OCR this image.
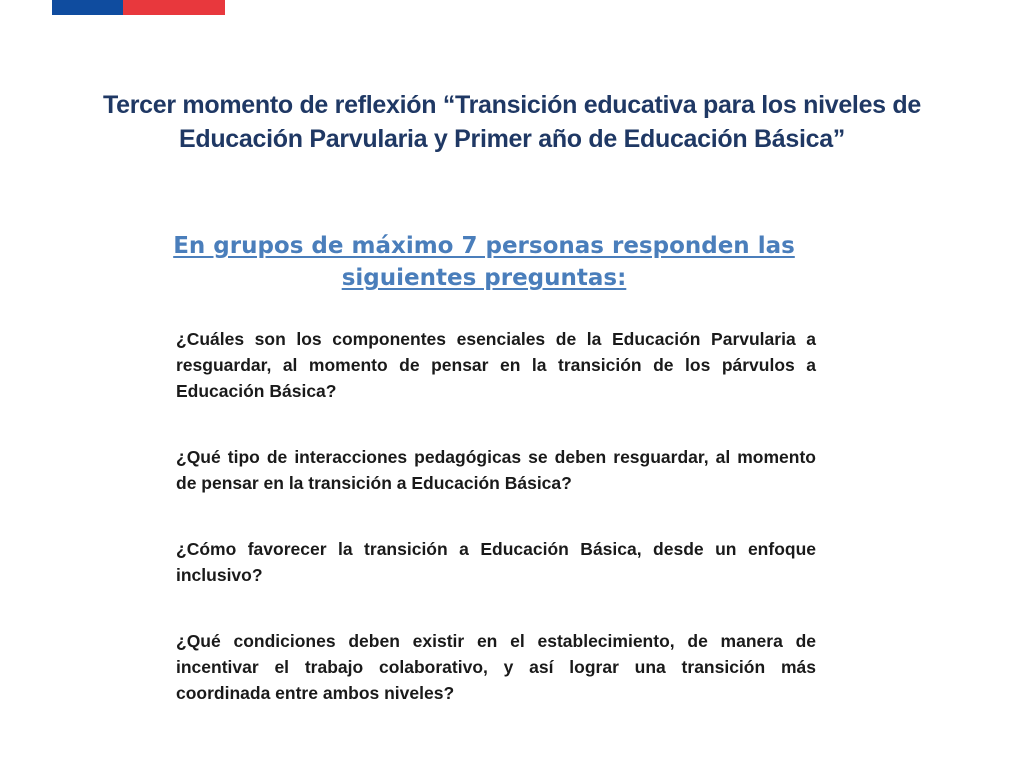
Tercer momento de reflexión “Transición educativa para los niveles de Educación Parvularia y Primer año de Educación Básica”
En grupos de máximo 7 personas responden las siguientes preguntas:
¿Cuáles son los componentes esenciales de la Educación Parvularia a resguardar, al momento de pensar en la transición de los párvulos a Educación Básica?
¿Qué tipo de interacciones pedagógicas se deben resguardar, al momento de pensar en la transición a Educación Básica?
¿Cómo favorecer la transición a Educación Básica, desde un enfoque inclusivo?
¿Qué condiciones deben existir en el establecimiento, de manera de incentivar el trabajo colaborativo, y así lograr una transición más coordinada entre ambos niveles?
